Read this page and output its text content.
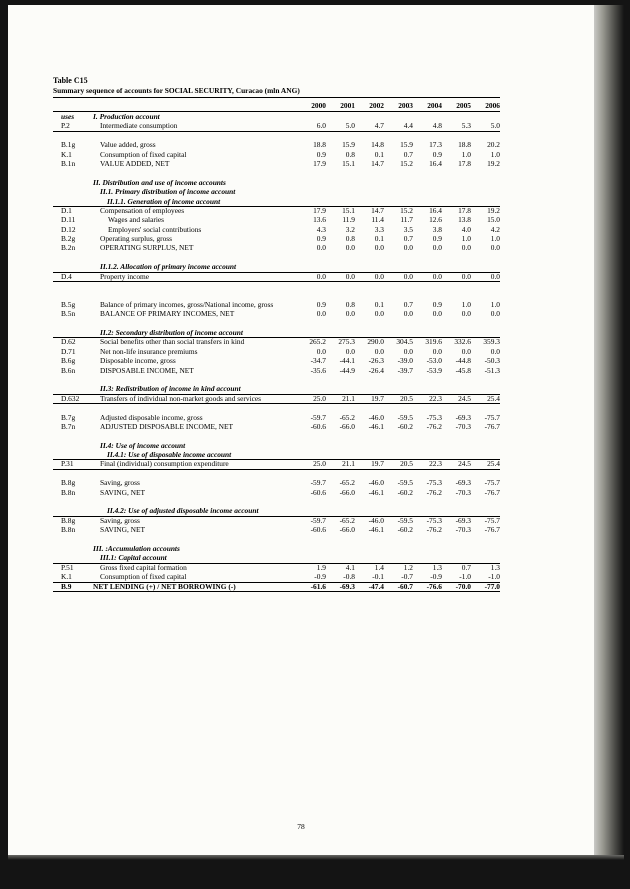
Table C15
Summary sequence of accounts for SOCIAL SECURITY, Curacao (mln ANG)
2000	2001	2002	2003	2004	2005	2006
uses	I. Production account
P.2	Intermediate consumption	6.0	5.0	4.7	4.4	4.8	5.3	5.0
B.1g	Value added, gross	18.8	15.9	14.8	15.9	17.3	18.8	20.2
K.1	Consumption of fixed capital	0.9	0.8	0.1	0.7	0.9	1.0	1.0
B.1n	VALUE ADDED, NET	17.9	15.1	14.7	15.2	16.4	17.8	19.2
II. Distribution and use of income accounts
II.1. Primary distribution of income account
II.1.1. Generation of income account
D.1	Compensation of employees	17.9	15.1	14.7	15.2	16.4	17.8	19.2
D.11	Wages and salaries	13.6	11.9	11.4	11.7	12.6	13.8	15.0
D.12	Employers' social contributions	4.3	3.2	3.3	3.5	3.8	4.0	4.2
B.2g	Operating surplus, gross	0.9	0.8	0.1	0.7	0.9	1.0	1.0
B.2n	OPERATING SURPLUS, NET	0.0	0.0	0.0	0.0	0.0	0.0	0.0
II.1.2. Allocation of primary income account
D.4	Property income	0.0	0.0	0.0	0.0	0.0	0.0	0.0
B.5g	Balance of primary incomes, gross/National income, gross	0.9	0.8	0.1	0.7	0.9	1.0	1.0
B.5n	BALANCE OF PRIMARY INCOMES, NET	0.0	0.0	0.0	0.0	0.0	0.0	0.0
II.2: Secondary distribution of income account
D.62	Social benefits other than social transfers in kind	265.2	275.3	290.0	304.5	319.6	332.6	359.3
D.71	Net non-life insurance premiums	0.0	0.0	0.0	0.0	0.0	0.0	0.0
B.6g	Disposable income, gross	-34.7	-44.1	-26.3	-39.0	-53.0	-44.8	-50.3
B.6n	DISPOSABLE INCOME, NET	-35.6	-44.9	-26.4	-39.7	-53.9	-45.8	-51.3
II.3: Redistribution of income in kind account
D.632	Transfers of individual non-market goods and services	25.0	21.1	19.7	20.5	22.3	24.5	25.4
B.7g	Adjusted disposable income, gross	-59.7	-65.2	-46.0	-59.5	-75.3	-69.3	-75.7
B.7n	ADJUSTED DISPOSABLE INCOME, NET	-60.6	-66.0	-46.1	-60.2	-76.2	-70.3	-76.7
II.4: Use of income account
II.4.1: Use of disposable income account
P.31	Final (individual) consumption expenditure	25.0	21.1	19.7	20.5	22.3	24.5	25.4
B.8g	Saving, gross	-59.7	-65.2	-46.0	-59.5	-75.3	-69.3	-75.7
B.8n	SAVING, NET	-60.6	-66.0	-46.1	-60.2	-76.2	-70.3	-76.7
II.4.2: Use of adjusted disposable income account
B.8g	Saving, gross	-59.7	-65.2	-46.0	-59.5	-75.3	-69.3	-75.7
B.8n	SAVING, NET	-60.6	-66.0	-46.1	-60.2	-76.2	-70.3	-76.7
III. :Accumulation accounts
III.1: Capital account
P.51	Gross fixed capital formation	1.9	4.1	1.4	1.2	1.3	0.7	1.3
K.1	Consumption of fixed capital	-0.9	-0.8	-0.1	-0.7	-0.9	-1.0	-1.0
B.9	NET LENDING (+) / NET BORROWING (-)	-61.6	-69.3	-47.4	-60.7	-76.6	-70.0	-77.0
78
